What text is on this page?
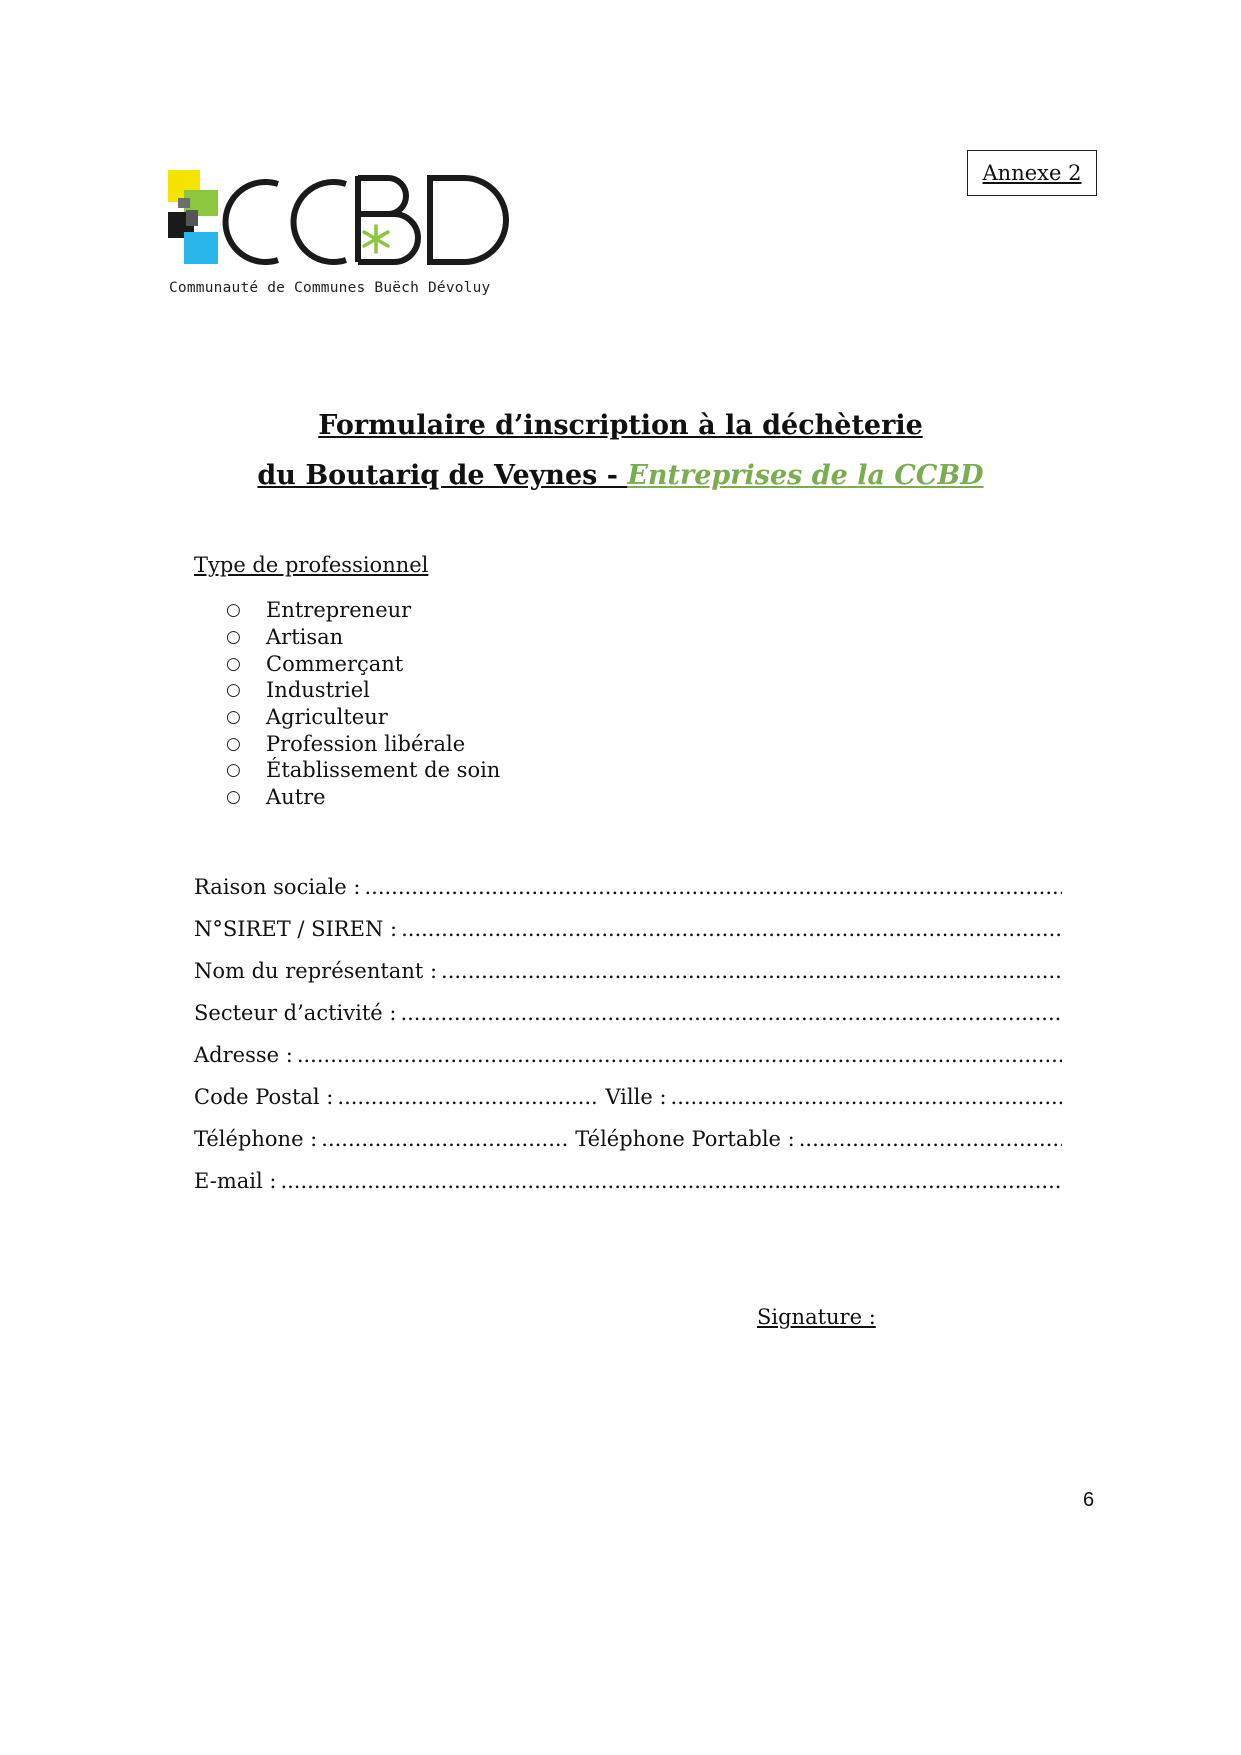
Annexe 2
Communauté de Communes Buëch Dévoluy
Formulaire d’inscription à la déchèterie
du Boutariq de Veynes - Entreprises de la CCBD
Type de professionnel
○	Entrepreneur
○	Artisan
○	Commerçant
○	Industriel
○	Agriculteur
○	Profession libérale
○	Établissement de soin
○	Autre
Raison sociale :
.....
N°SIRET / SIREN :
.....
Nom du représentant :
.....
Secteur d’activité :
.....
Adresse :
.....
Code Postal : .....	Ville :
.....
Téléphone : .....	Téléphone Portable :
.....
E-mail :
.....
Signature :
6
